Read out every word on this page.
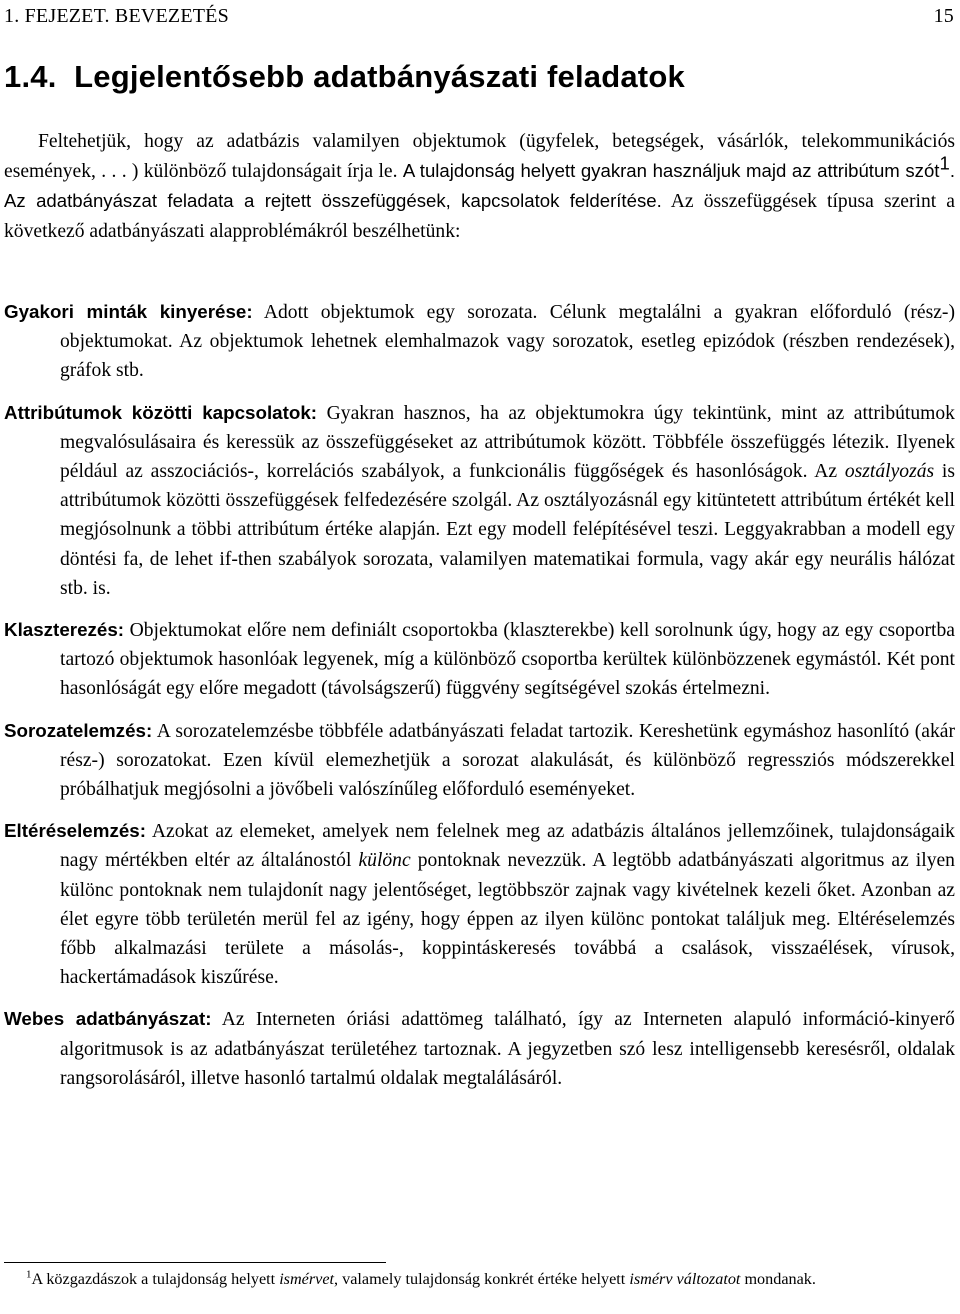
1. FEJEZET. BEVEZETÉS	15
1.4. Legjelentősebb adatbányászati feladatok

Feltehetjük, hogy az adatbázis valamilyen objektumok (ügyfelek, betegségek, vásárlók, telekommunikációs események, . . . ) különböző tulajdonságait írja le. A tulajdonság helyett gyakran használjuk majd az attribútum szót$^1$. Az adatbányászat feladata a rejtett összefüggések, kapcsolatok felderítése. Az összefüggések típusa szerint a következő adatbányászati alapproblémákról beszélhetünk:

Gyakori minták kinyerése: Adott objektumok egy sorozata. Célunk megtalálni a gyakran előforduló (rész-) objektumokat. Az objektumok lehetnek elemhalmazok vagy sorozatok, esetleg epizódok (részben rendezések), gráfok stb.

Attribútumok közötti kapcsolatok: Gyakran hasznos, ha az objektumokra úgy tekintünk, mint az attribútumok megvalósulásaira és keressük az összefüggéseket az attribútumok között. Többféle összefüggés létezik. Ilyenek például az asszociációs-, korrelációs szabályok, a funkcionális függőségek és hasonlóságok. Az osztályozás is attribútumok közötti összefüggések felfedezésére szolgál. Az osztályozásnál egy kitüntetett attribútum értékét kell megjósolnunk a többi attribútum értéke alapján. Ezt egy modell felépítésével teszi. Leggyakrabban a modell egy döntési fa, de lehet if-then szabályok sorozata, valamilyen matematikai formula, vagy akár egy neurális hálózat stb. is.

Klaszterezés: Objektumokat előre nem definiált csoportokba (klaszterekbe) kell sorolnunk úgy, hogy az egy csoportba tartozó objektumok hasonlóak legyenek, míg a különböző csoportba kerültek különbözzenek egymástól. Két pont hasonlóságát egy előre megadott (távolságszerű) függvény segítségével szokás értelmezni.

Sorozatelemzés: A sorozatelemzésbe többféle adatbányászati feladat tartozik. Kereshetünk egymáshoz hasonlító (akár rész-) sorozatokat. Ezen kívül elemezhetjük a sorozat alakulását, és különböző regressziós módszerekkel próbálhatjuk megjósolni a jövőbeli valószínűleg előforduló eseményeket.

Eltéréselemzés: Azokat az elemeket, amelyek nem felelnek meg az adatbázis általános jellemzőinek, tulajdonságaik nagy mértékben eltér az általánostól különc pontoknak nevezzük. A legtöbb adatbányászati algoritmus az ilyen különc pontoknak nem tulajdonít nagy jelentőséget, legtöbbször zajnak vagy kivételnek kezeli őket. Azonban az élet egyre több területén merül fel az igény, hogy éppen az ilyen különc pontokat találjuk meg. Eltéréselemzés főbb alkalmazási területe a másolás-, koppintáskeresés továbbá a csalások, visszaélések, vírusok, hackertámadások kiszűrése.

Webes adatbányászat: Az Interneten óriási adattömeg található, így az Interneten alapuló információ-kinyerő algoritmusok is az adatbányászat területéhez tartoznak. A jegyzetben szó lesz intelligensebb keresésről, oldalak rangsorolásáról, illetve hasonló tartalmú oldalak megtalálásáról.

$^1$A közgazdászok a tulajdonság helyett ismérvet, valamely tulajdonság konkrét értéke helyett ismérv változatot mondanak.
